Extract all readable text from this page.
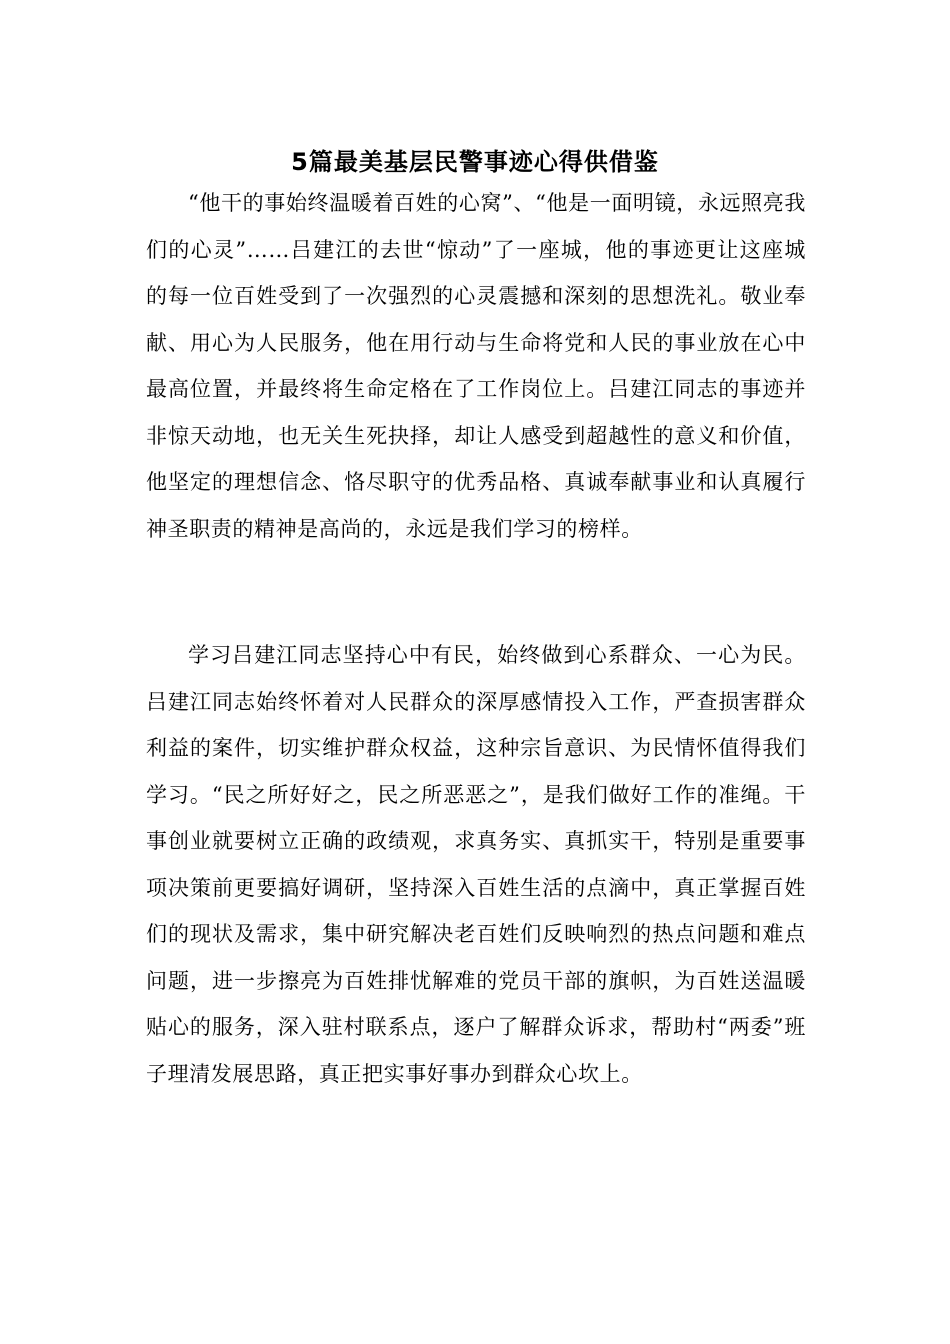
5篇最美基层民警事迹心得供借鉴

“他干的事始终温暖着百姓的心窝”、“他是一面明镜，永远照亮我们的心灵”……吕建江的去世“惊动”了一座城，他的事迹更让这座城的每一位百姓受到了一次强烈的心灵震撼和深刻的思想洗礼。敬业奉献、用心为人民服务，他在用行动与生命将党和人民的事业放在心中最高位置，并最终将生命定格在了工作岗位上。吕建江同志的事迹并非惊天动地，也无关生死抉择，却让人感受到超越性的意义和价值，他坚定的理想信念、恪尽职守的优秀品格、真诚奉献事业和认真履行神圣职责的精神是高尚的，永远是我们学习的榜样。

学习吕建江同志坚持心中有民，始终做到心系群众、一心为民。吕建江同志始终怀着对人民群众的深厚感情投入工作，严查损害群众利益的案件，切实维护群众权益，这种宗旨意识、为民情怀值得我们学习。“民之所好好之，民之所恶恶之”，是我们做好工作的准绳。干事创业就要树立正确的政绩观，求真务实、真抓实干，特别是重要事项决策前更要搞好调研，坚持深入百姓生活的点滴中，真正掌握百姓们的现状及需求，集中研究解决老百姓们反映响烈的热点问题和难点问题，进一步擦亮为百姓排忧解难的党员干部的旗帜，为百姓送温暖贴心的服务，深入驻村联系点，逐户了解群众诉求，帮助村“两委”班子理清发展思路，真正把实事好事办到群众心坎上。
